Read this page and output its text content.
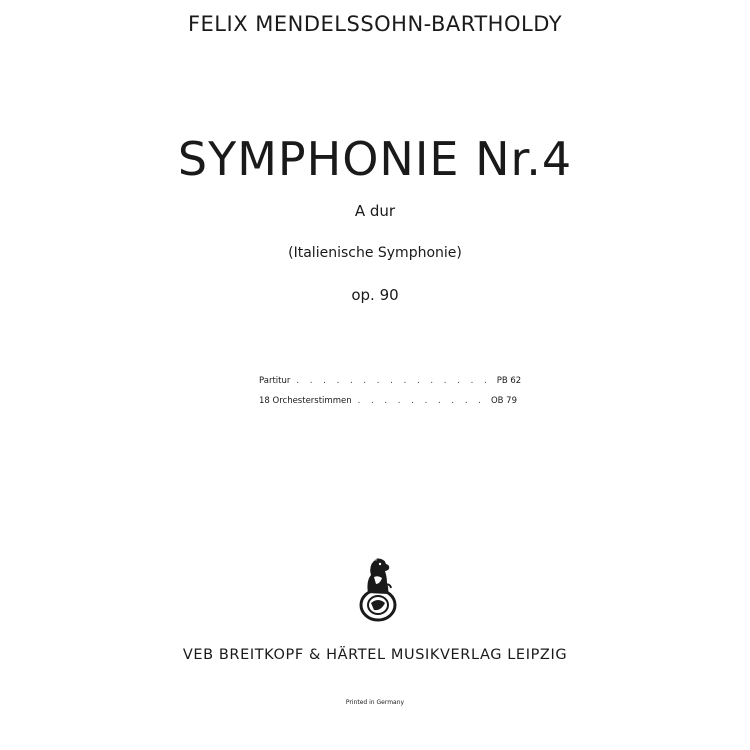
FELIX MENDELSSOHN-BARTHOLDY
SYMPHONIE Nr.4
A dur
(Italienische Symphonie)
op. 90
Partitur . . . . . . . . . . . . . . . PB 62
18 Orchesterstimmen . . . . . . . . . . OB 79
VEB BREITKOPF & HÄRTEL MUSIKVERLAG LEIPZIG
Printed in Germany
